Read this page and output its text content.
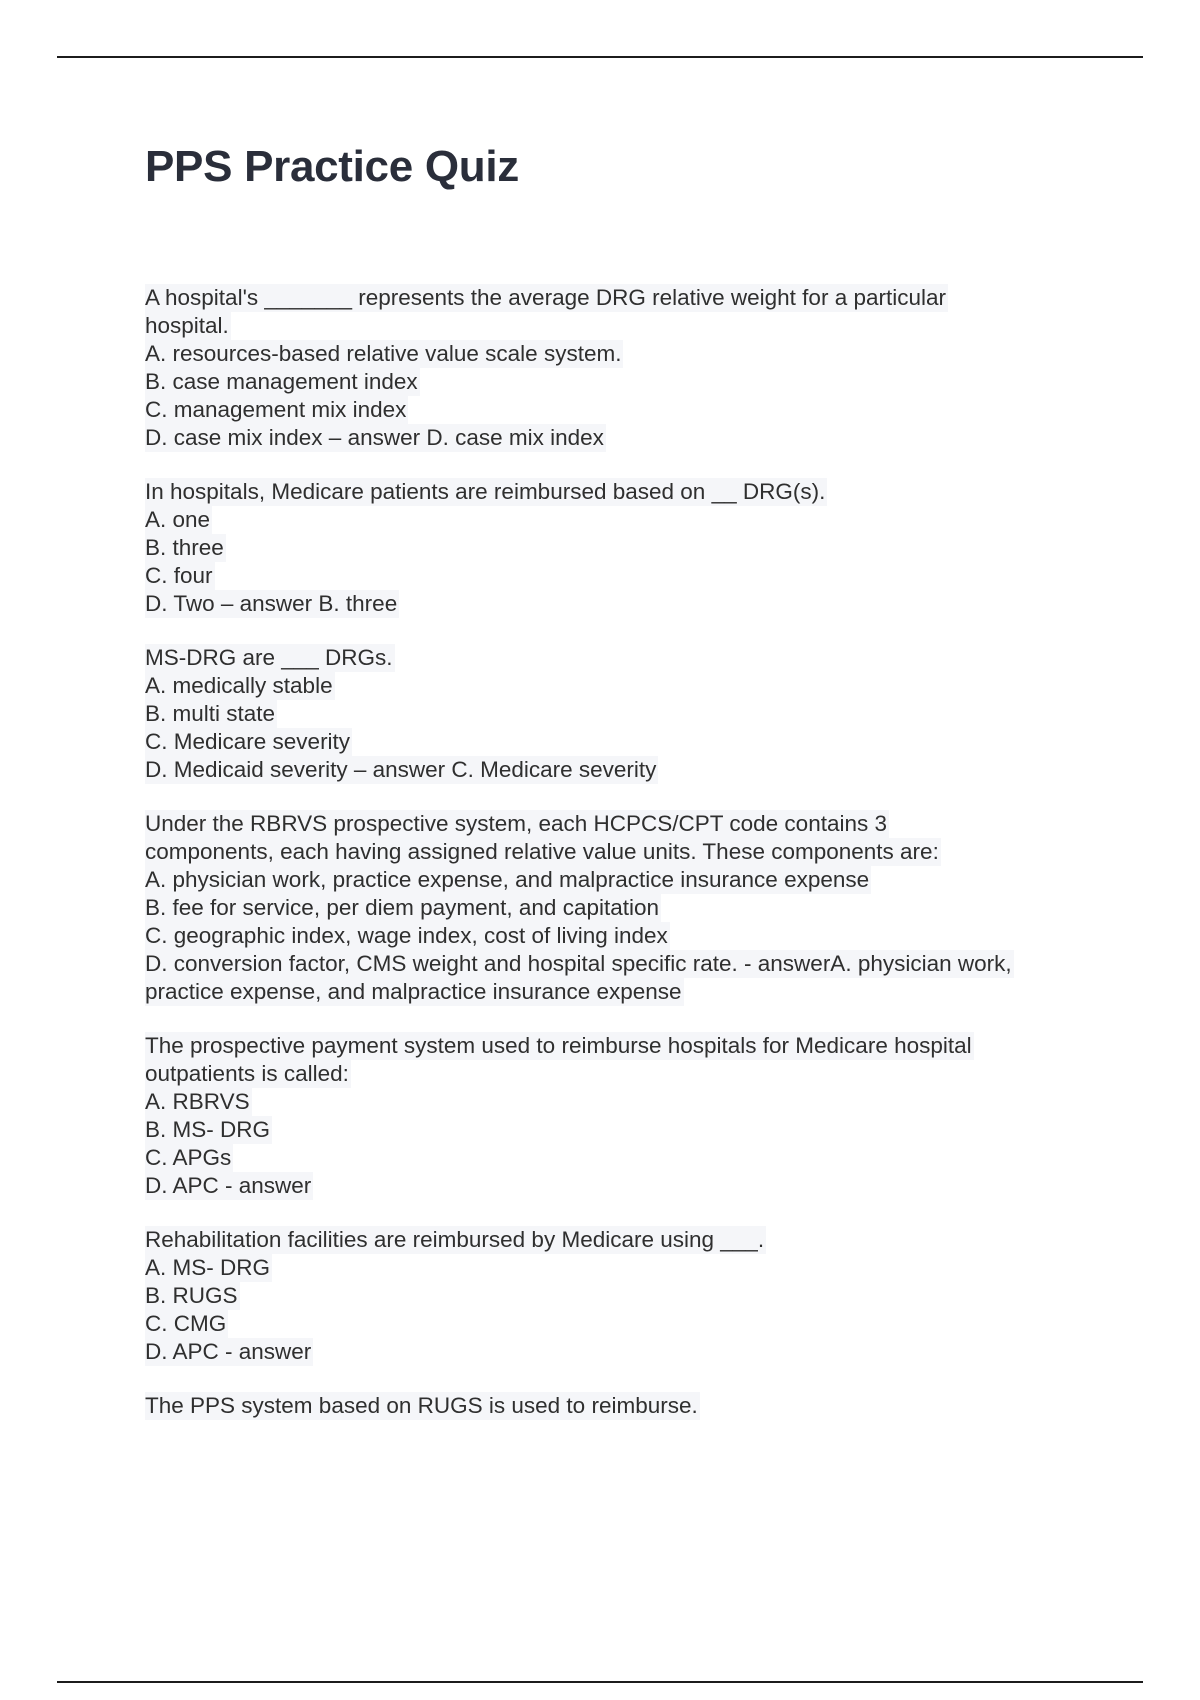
PPS Practice Quiz
A hospital's _______ represents the average DRG relative weight for a particular
hospital.
A. resources-based relative value scale system.
B. case management index
C. management mix index
D. case mix index – answer D. case mix index
In hospitals, Medicare patients are reimbursed based on __ DRG(s).
A. one
B. three
C. four
D. Two – answer B. three
MS-DRG are ___ DRGs.
A. medically stable
B. multi state
C. Medicare severity
D. Medicaid severity – answer C. Medicare severity
Under the RBRVS prospective system, each HCPCS/CPT code contains 3
components, each having assigned relative value units. These components are:
A. physician work, practice expense, and malpractice insurance expense
B. fee for service, per diem payment, and capitation
C. geographic index, wage index, cost of living index
D. conversion factor, CMS weight and hospital specific rate. - answerA. physician work,
practice expense, and malpractice insurance expense
The prospective payment system used to reimburse hospitals for Medicare hospital
outpatients is called:
A. RBRVS
B. MS- DRG
C. APGs
D. APC - answer
Rehabilitation facilities are reimbursed by Medicare using ___.
A. MS- DRG
B. RUGS
C. CMG
D. APC - answer
The PPS system based on RUGS is used to reimburse.
